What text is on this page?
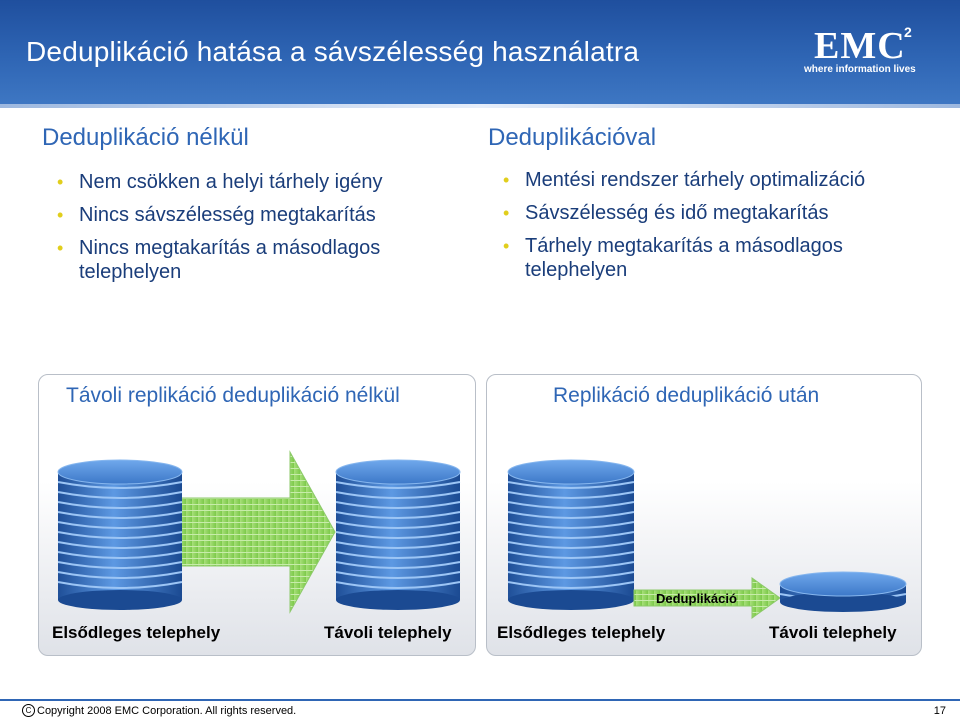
Deduplikáció hatása a sávszélesség használatra	EMC
2
where information lives
Deduplikáció nélkül
• Nem csökken a helyi tárhely igény
• Nincs sávszélesség megtakarítás
• Nincs megtakarítás a másodlagos telephelyen
Deduplikációval
• Mentési rendszer tárhely optimalizáció
• Sávszélesség és idő megtakarítás
• Tárhely megtakarítás a másodlagos telephelyen
Távoli replikáció deduplikáció nélkül	Replikáció deduplikáció után
Deduplikáció
Elsődleges telephely	Távoli telephely	Elsődleges telephely	Távoli telephely
C Copyright 2008 EMC Corporation. All rights reserved.	17
